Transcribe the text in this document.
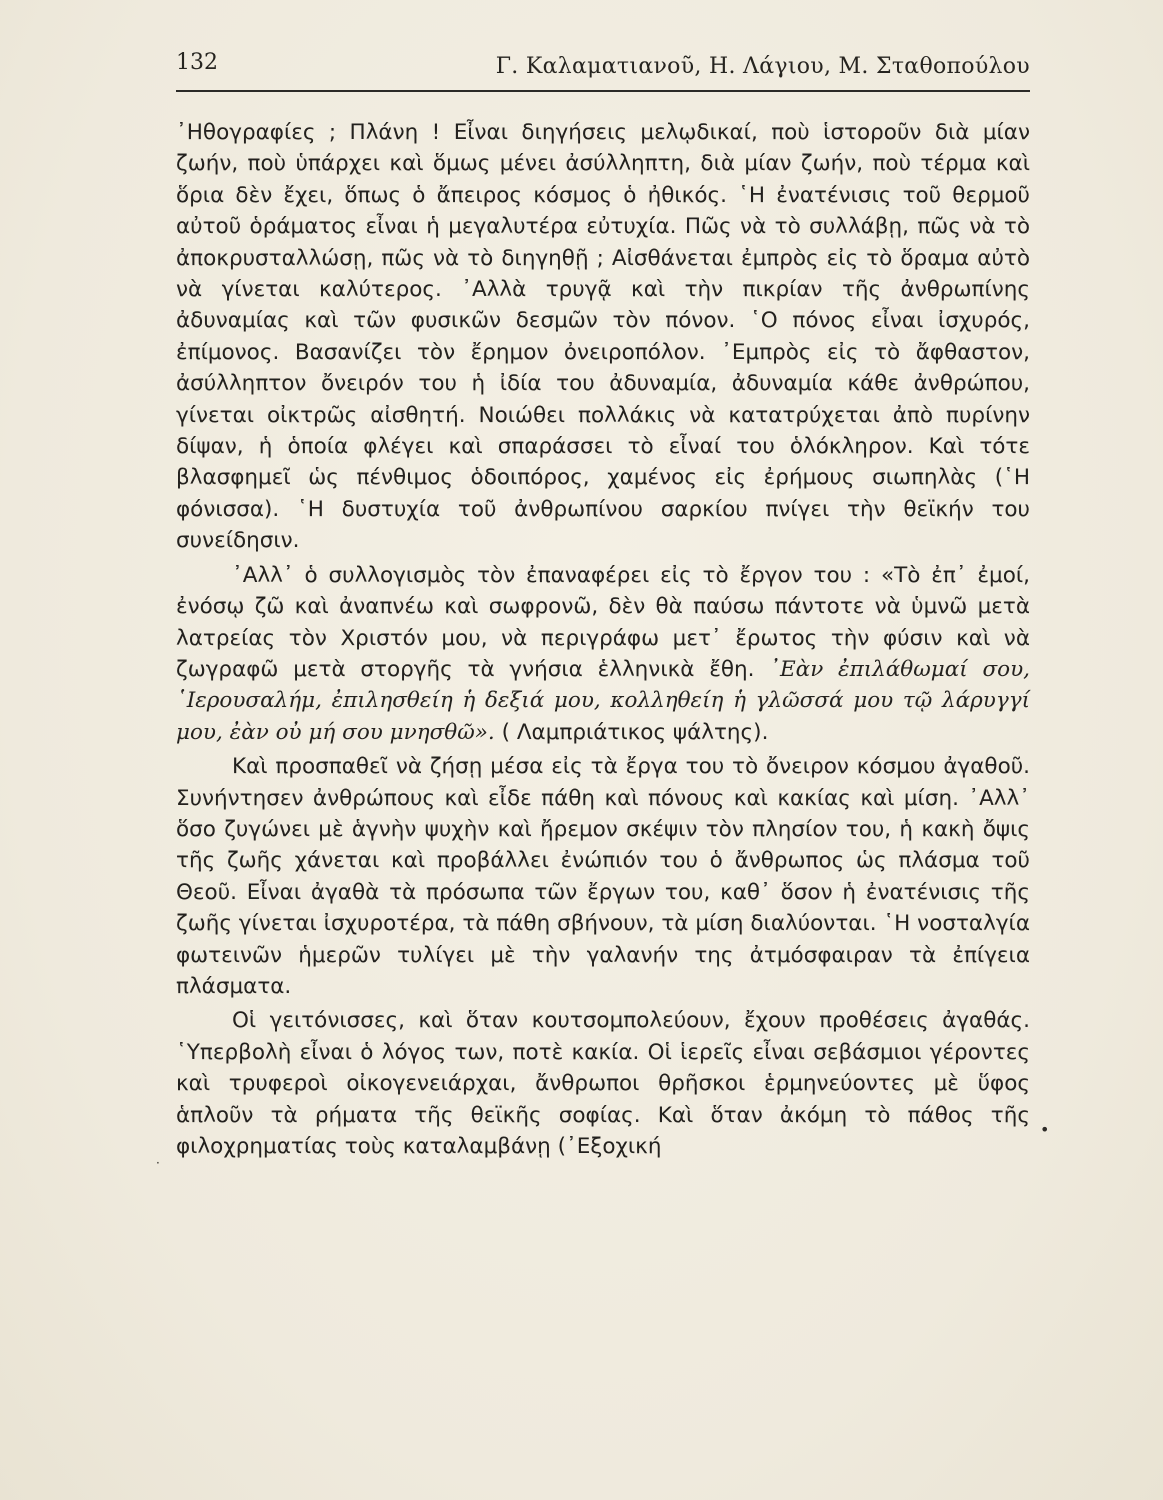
132	Γ. Καλαματιανοῦ, Η. Λάγιου, Μ. Σταθοπούλου

᾿Ηθογραφίες ; Πλάνη ! Εἶναι διηγήσεις μελῳδικαί, ποὺ ἱστοροῦν διὰ μίαν ζωήν, ποὺ ὑπάρχει καὶ ὅμως μένει ἀσύλληπτη, διὰ μίαν ζωήν, ποὺ τέρμα καὶ ὅρια δὲν ἔχει, ὅπως ὁ ἄπειρος κόσμος ὁ ἠθικός. ῾Η ἐνατένισις τοῦ θερμοῦ αὐτοῦ ὁράματος εἶναι ἡ μεγαλυτέρα εὐτυχία. Πῶς νὰ τὸ συλλάβῃ, πῶς νὰ τὸ ἀποκρυσταλλώσῃ, πῶς νὰ τὸ διηγηθῇ ; Αἰσθάνεται ἐμπρὸς εἰς τὸ ὅραμα αὐτὸ νὰ γίνεται καλύτερος. ᾿Αλλὰ τρυγᾷ καὶ τὴν πικρίαν τῆς ἀνθρωπίνης ἀδυναμίας καὶ τῶν φυσικῶν δεσμῶν τὸν πόνον. ῾Ο πόνος εἶναι ἰσχυρός, ἐπίμονος. Βασανίζει τὸν ἔρημον ὀνειροπόλον. ᾿Εμπρὸς εἰς τὸ ἄφθαστον, ἀσύλληπτον ὄνειρόν του ἡ ἰδία του ἀδυναμία, ἀδυναμία κάθε ἀνθρώπου, γίνεται οἰκτρῶς αἰσθητή. Νοιώθει πολλάκις νὰ κατατρύχεται ἀπὸ πυρίνην δίψαν, ἡ ὁποία φλέγει καὶ σπαράσσει τὸ εἶναί του ὁλόκληρον. Καὶ τότε βλασφημεῖ ὡς πένθιμος ὁδοιπόρος, χαμένος εἰς ἐρήμους σιωπηλὰς (῾Η φόνισσα). ῾Η δυστυχία τοῦ ἀνθρωπίνου σαρκίου πνίγει τὴν θεϊκήν του συνείδησιν.

᾿Αλλ᾿ ὁ συλλογισμὸς τὸν ἐπαναφέρει εἰς τὸ ἔργον του : «Τὸ ἐπ᾿ ἐμοί, ἐνόσῳ ζῶ καὶ ἀναπνέω καὶ σωφρονῶ, δὲν θὰ παύσω πάντοτε νὰ ὑμνῶ μετὰ λατρείας τὸν Χριστόν μου, νὰ περιγράφω μετ᾿ ἔρωτος τὴν φύσιν καὶ νὰ ζωγραφῶ μετὰ στοργῆς τὰ γνήσια ἑλληνικὰ ἔθη. ᾿Εὰν ἐπιλάθωμαί σου, ῾Ιερουσαλήμ, ἐπιλησθείη ἡ δεξιά μου, κολληθείη ἡ γλῶσσά μου τῷ λάρυγγί μου, ἐὰν οὐ μή σου μνησθῶ». ( Λαμπριάτικος ψάλτης).

Καὶ προσπαθεῖ νὰ ζήσῃ μέσα εἰς τὰ ἔργα του τὸ ὄνειρον κόσμου ἀγαθοῦ. Συνήντησεν ἀνθρώπους καὶ εἶδε πάθη καὶ πόνους καὶ κακίας καὶ μίση. ᾿Αλλ᾿ ὅσο ζυγώνει μὲ ἁγνὴν ψυχὴν καὶ ἤρεμον σκέψιν τὸν πλησίον του, ἡ κακὴ ὄψις τῆς ζωῆς χάνεται καὶ προβάλλει ἐνώπιόν του ὁ ἄνθρωπος ὡς πλάσμα τοῦ Θεοῦ. Εἶναι ἀγαθὰ τὰ πρόσωπα τῶν ἔργων του, καθ᾿ ὅσον ἡ ἐνατένισις τῆς ζωῆς γίνεται ἰσχυροτέρα, τὰ πάθη σβήνουν, τὰ μίση διαλύονται. ῾Η νοσταλγία φωτεινῶν ἡμερῶν τυλίγει μὲ τὴν γαλανήν της ἀτμόσφαιραν τὰ ἐπίγεια πλάσματα.

Οἱ γειτόνισσες, καὶ ὅταν κουτσομπολεύουν, ἔχουν προθέσεις ἀγαθάς. ῾Υπερβολὴ εἶναι ὁ λόγος των, ποτὲ κακία. Οἱ ἱερεῖς εἶναι σεβάσμιοι γέροντες καὶ τρυφεροὶ οἰκογενειάρχαι, ἄνθρωποι θρῆσκοι ἑρμηνεύοντες μὲ ὕφος ἁπλοῦν τὰ ρήματα τῆς θεϊκῆς σοφίας. Καὶ ὅταν ἀκόμη τὸ πάθος τῆς φιλοχρηματίας τοὺς καταλαμβάνῃ (᾿Εξοχική

•
·
